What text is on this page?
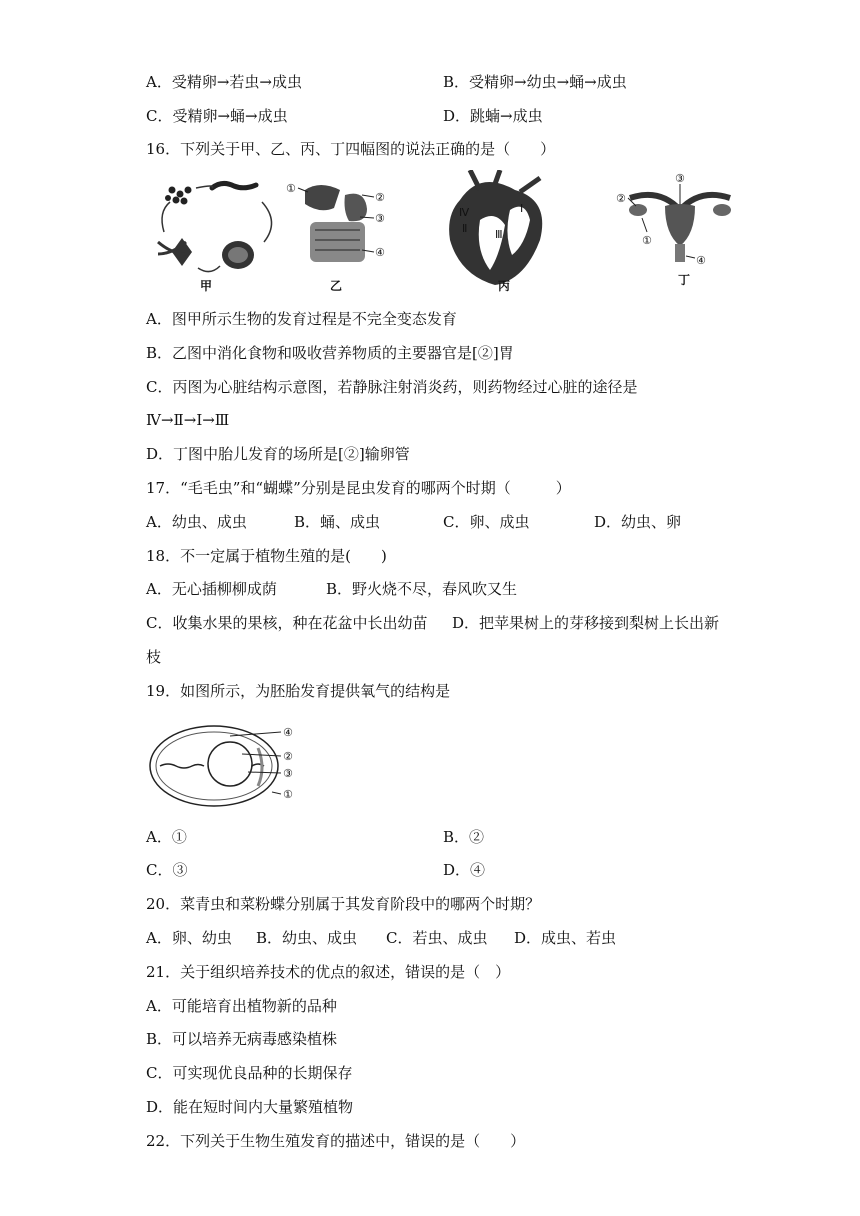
A．受精卵→若虫→成虫	B．受精卵→幼虫→蛹→成虫
C．受精卵→蛹→成虫	D．跳蝻→成虫
16．下列关于甲、乙、丙、丁四幅图的说法正确的是（　　）
甲
①
②
③
④
乙
Ⅳ
Ⅱ
Ⅰ
Ⅲ
丙
②
③
①
④
丁
A．图甲所示生物的发育过程是不完全变态发育
B．乙图中消化食物和吸收营养物质的主要器官是[②]胃
C．丙图为心脏结构示意图，若静脉注射消炎药，则药物经过心脏的途径是
Ⅳ→Ⅱ→Ⅰ→Ⅲ
D．丁图中胎儿发育的场所是[②]输卵管
17．“毛毛虫”和“蝴蝶”分别是昆虫发育的哪两个时期（　　　）
A．幼虫、成虫	B．蛹、成虫	C．卵、成虫	D．幼虫、卵
18．不一定属于植物生殖的是(　　)
A．无心插柳柳成荫	B．野火烧不尽，春风吹又生
C．收集水果的果核，种在花盆中长出幼苗 D．把苹果树上的芽移接到梨树上长出新
枝
19．如图所示，为胚胎发育提供氧气的结构是
④
②
③
①
A．①	B．②
C．③	D．④
20．菜青虫和菜粉蝶分别属于其发育阶段中的哪两个时期？
A．卵、幼虫 B．幼虫、成虫 C．若虫、成虫 D．成虫、若虫
21．关于组织培养技术的优点的叙述，错误的是（　）
A．可能培育出植物新的品种
B．可以培养无病毒感染植株
C．可实现优良品种的长期保存
D．能在短时间内大量繁殖植物
22．下列关于生物生殖发育的描述中，错误的是（　　）
